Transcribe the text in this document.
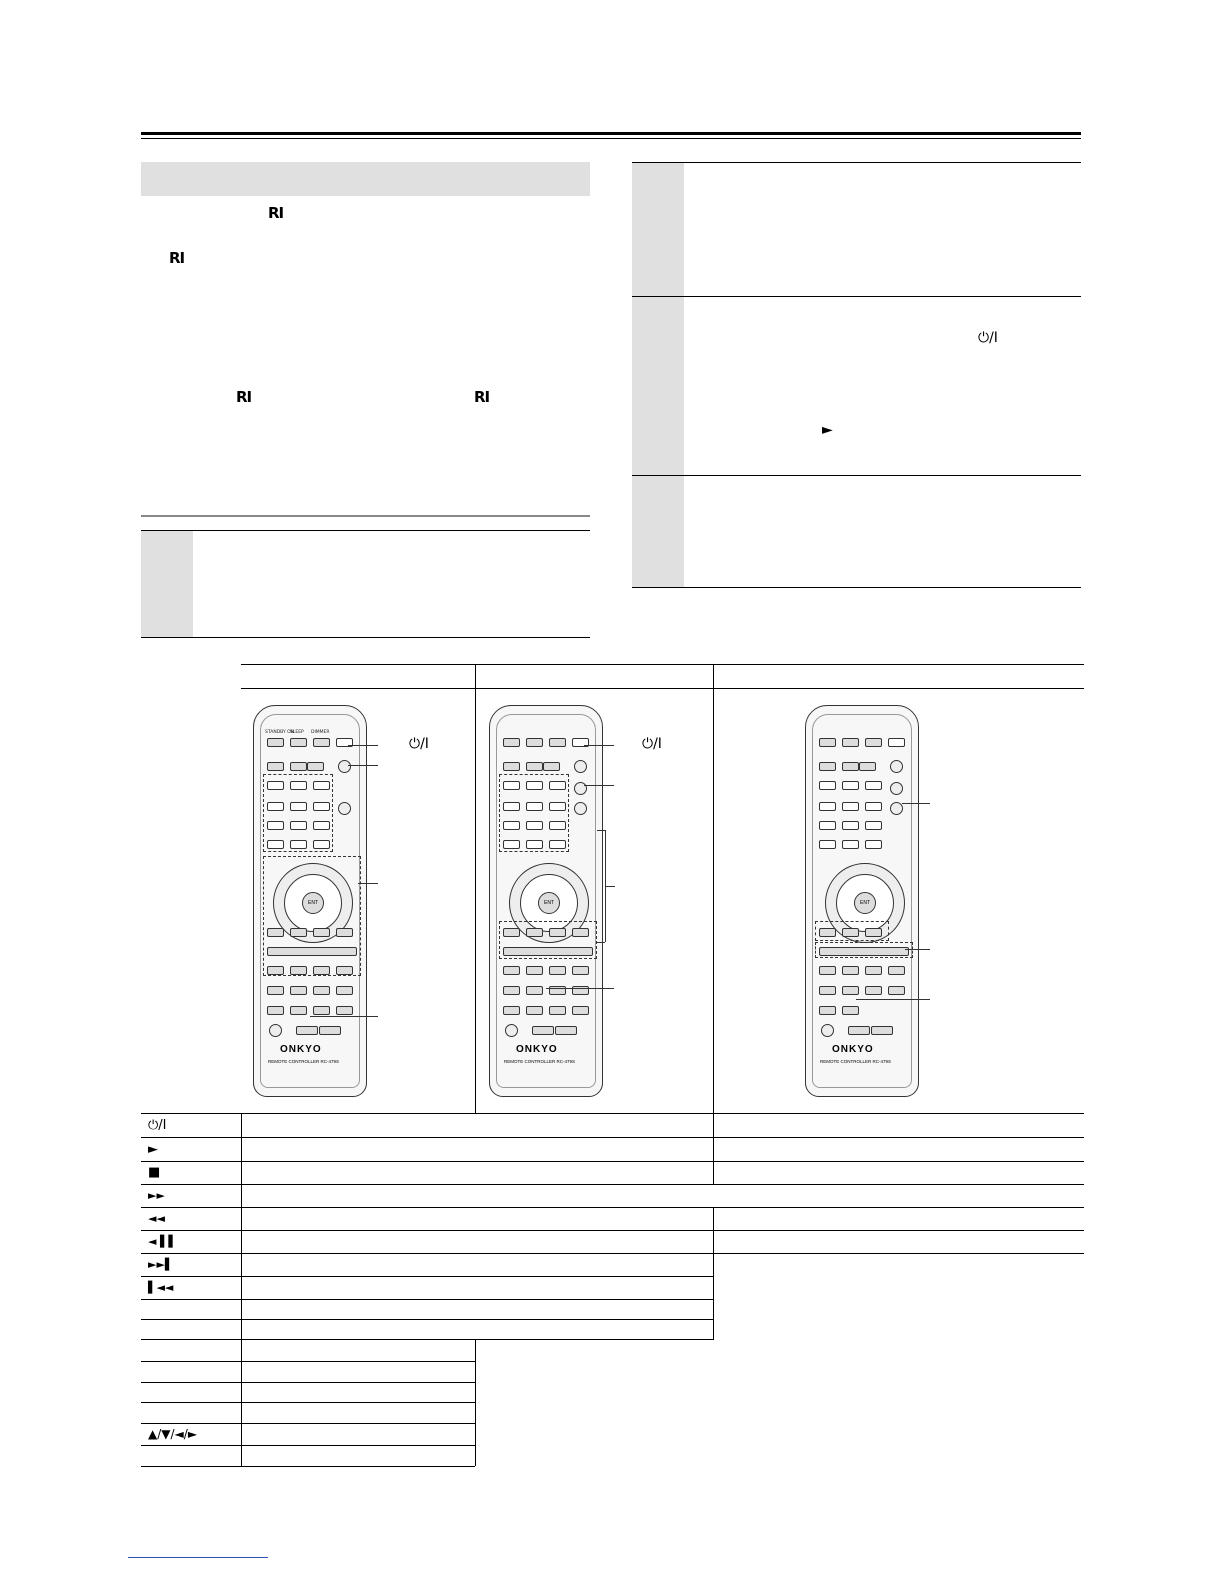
RI
RI
RI	RI
⏻/I
►
STANDBY ON
SLEEP DIMMER
ENT
ONKYO
REMOTE CONTROLLER RC-479S
⏻/I
ENT
ONKYO
REMOTE CONTROLLER RC-479S
⏻/I
ENT
ONKYO
REMOTE CONTROLLER RC-479S
⏻/I
►
■
►►
◄◄
◄ ▌▌
►►▌
▌◄◄
▲/▼/◄/►
